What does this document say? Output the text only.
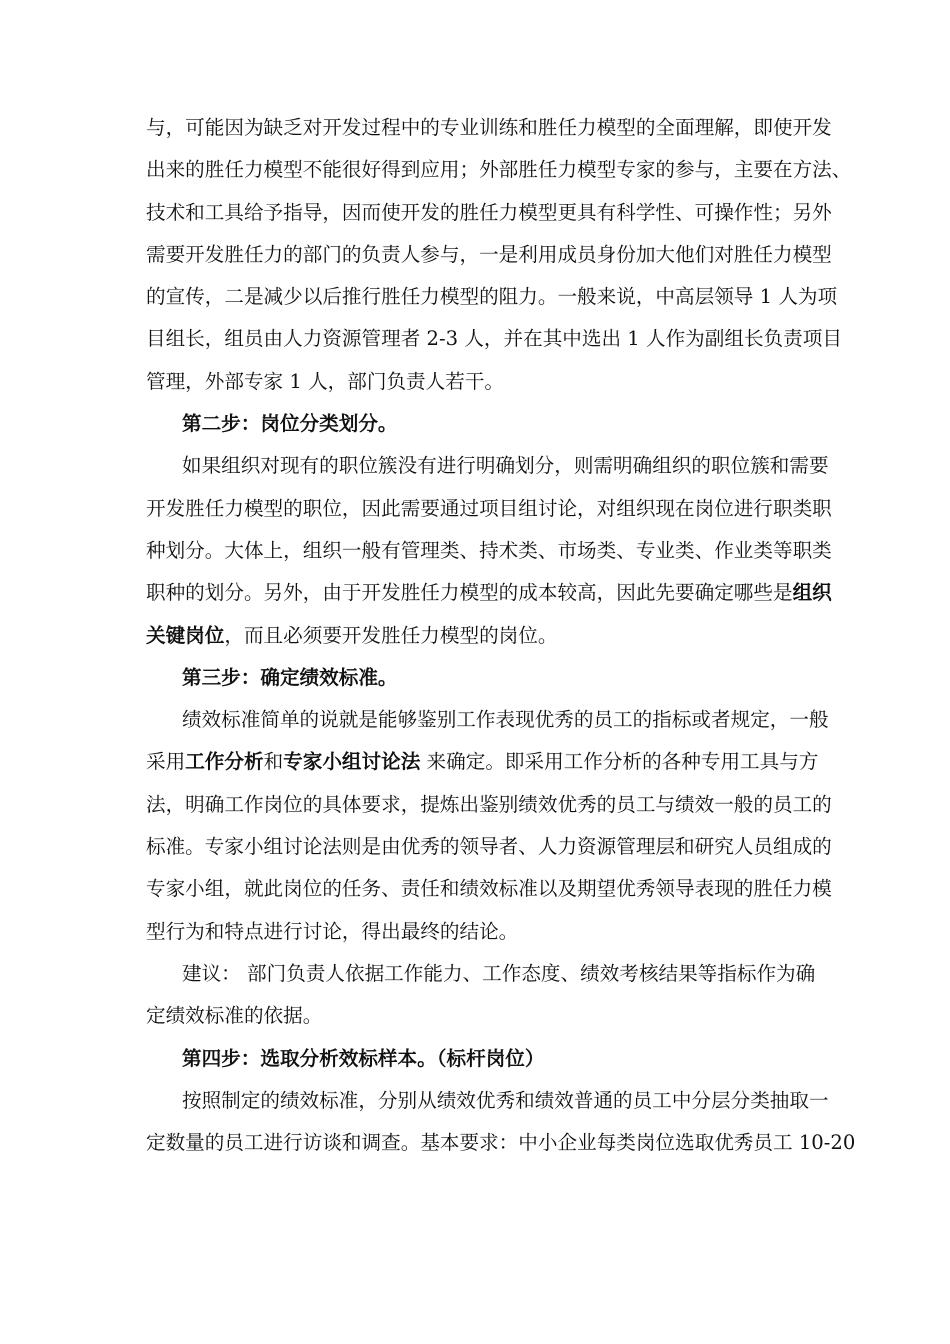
与，可能因为缺乏对开发过程中的专业训练和胜任力模型的全面理解，即使开发
出来的胜任力模型不能很好得到应用；外部胜任力模型专家的参与，主要在方法、
技术和工具给予指导，因而使开发的胜任力模型更具有科学性、可操作性；另外
需要开发胜任力的部门的负责人参与，一是利用成员身份加大他们对胜任力模型
的宣传，二是减少以后推行胜任力模型的阻力。一般来说，中高层领导 1 人为项
目组长，组员由人力资源管理者 2-3 人，并在其中选出 1 人作为副组长负责项目
管理，外部专家 1 人，部门负责人若干。
第二步：岗位分类划分。
如果组织对现有的职位簇没有进行明确划分，则需明确组织的职位簇和需要
开发胜任力模型的职位，因此需要通过项目组讨论，对组织现在岗位进行职类职
种划分。大体上，组织一般有管理类、持术类、市场类、专业类、作业类等职类
职种的划分。另外，由于开发胜任力模型的成本较高，因此先要确定哪些是组织
关键岗位，而且必须要开发胜任力模型的岗位。
第三步：确定绩效标准。
绩效标准简单的说就是能够鉴别工作表现优秀的员工的指标或者规定，一般
采用工作分析和专家小组讨论法 来确定。即采用工作分析的各种专用工具与方
法，明确工作岗位的具体要求，提炼出鉴别绩效优秀的员工与绩效一般的员工的
标准。专家小组讨论法则是由优秀的领导者、人力资源管理层和研究人员组成的
专家小组，就此岗位的任务、责任和绩效标准以及期望优秀领导表现的胜任力模
型行为和特点进行讨论，得出最终的结论。
建议： 部门负责人依据工作能力、工作态度、绩效考核结果等指标作为确
定绩效标准的依据。
第四步：选取分析效标样本。（标杆岗位）
按照制定的绩效标准，分别从绩效优秀和绩效普通的员工中分层分类抽取一
定数量的员工进行访谈和调查。基本要求：中小企业每类岗位选取优秀员工 10-20
